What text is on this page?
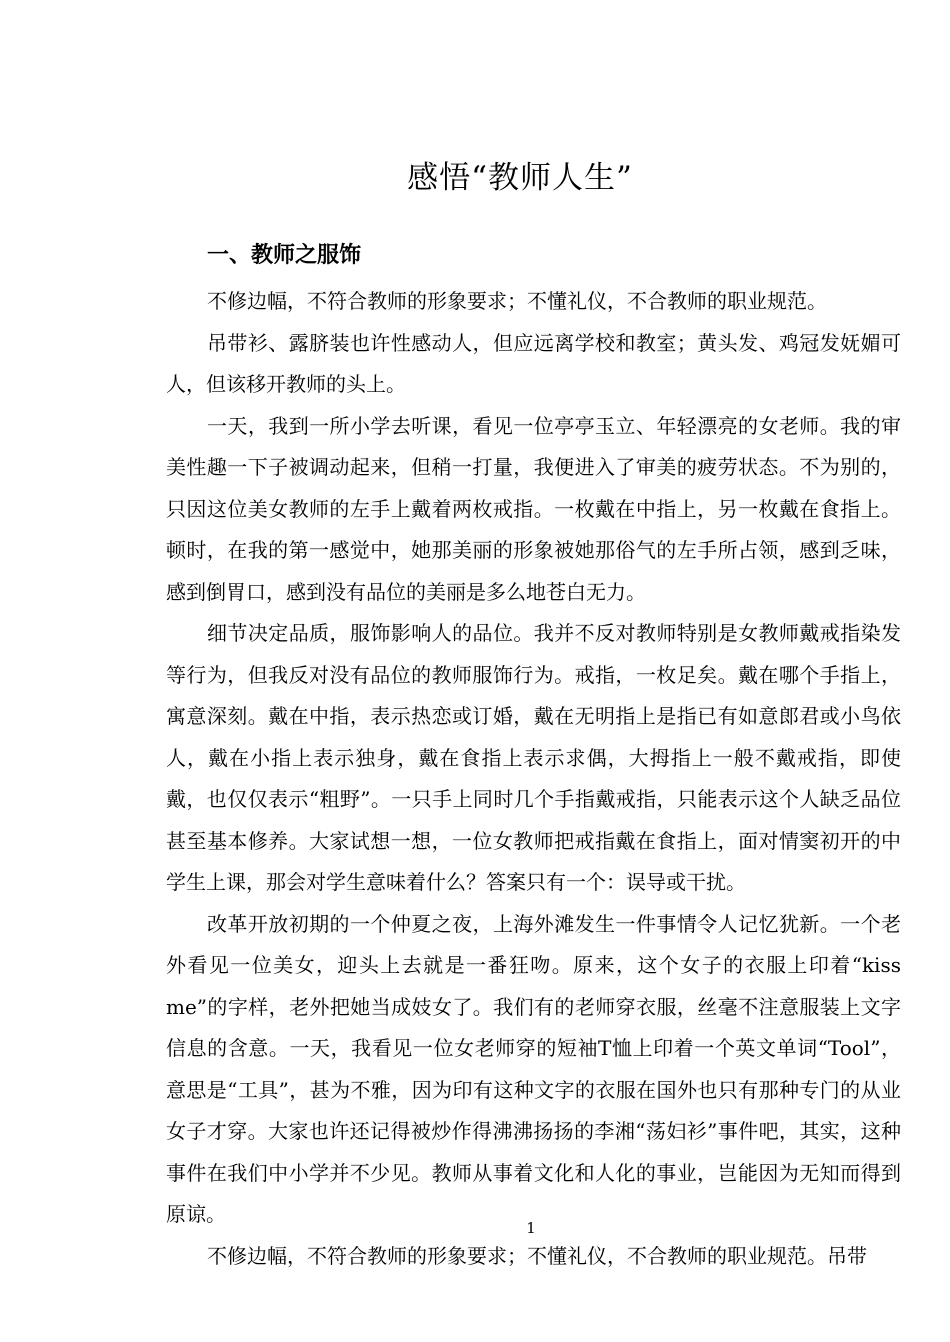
感悟“教师人生”
一、教师之服饰

不修边幅，不符合教师的形象要求；不懂礼仪，不合教师的职业规范。

吊带衫、露脐装也许性感动人，但应远离学校和教室；黄头发、鸡冠发妩媚可人，但该移开教师的头上。

一天，我到一所小学去听课，看见一位亭亭玉立、年轻漂亮的女老师。我的审美性趣一下子被调动起来，但稍一打量，我便进入了审美的疲劳状态。不为别的，只因这位美女教师的左手上戴着两枚戒指。一枚戴在中指上，另一枚戴在食指上。顿时，在我的第一感觉中，她那美丽的形象被她那俗气的左手所占领，感到乏味，感到倒胃口，感到没有品位的美丽是多么地苍白无力。

细节决定品质，服饰影响人的品位。我并不反对教师特别是女教师戴戒指染发等行为，但我反对没有品位的教师服饰行为。戒指，一枚足矣。戴在哪个手指上，寓意深刻。戴在中指，表示热恋或订婚，戴在无明指上是指已有如意郎君或小鸟依人，戴在小指上表示独身，戴在食指上表示求偶，大拇指上一般不戴戒指，即使戴，也仅仅表示“粗野”。一只手上同时几个手指戴戒指，只能表示这个人缺乏品位甚至基本修养。大家试想一想，一位女教师把戒指戴在食指上，面对情窦初开的中学生上课，那会对学生意味着什么？答案只有一个：误导或干扰。

改革开放初期的一个仲夏之夜，上海外滩发生一件事情令人记忆犹新。一个老外看见一位美女，迎头上去就是一番狂吻。原来，这个女子的衣服上印着“kiss　me”的字样，老外把她当成妓女了。我们有的老师穿衣服，丝毫不注意服装上文字信息的含意。一天，我看见一位女老师穿的短袖T恤上印着一个英文单词“Tool”，意思是“工具”，甚为不雅，因为印有这种文字的衣服在国外也只有那种专门的从业女子才穿。大家也许还记得被炒作得沸沸扬扬的李湘“荡妇衫”事件吧，其实，这种事件在我们中小学并不少见。教师从事着文化和人化的事业，岂能因为无知而得到原谅。

不修边幅，不符合教师的形象要求；不懂礼仪，不合教师的职业规范。吊带

1
